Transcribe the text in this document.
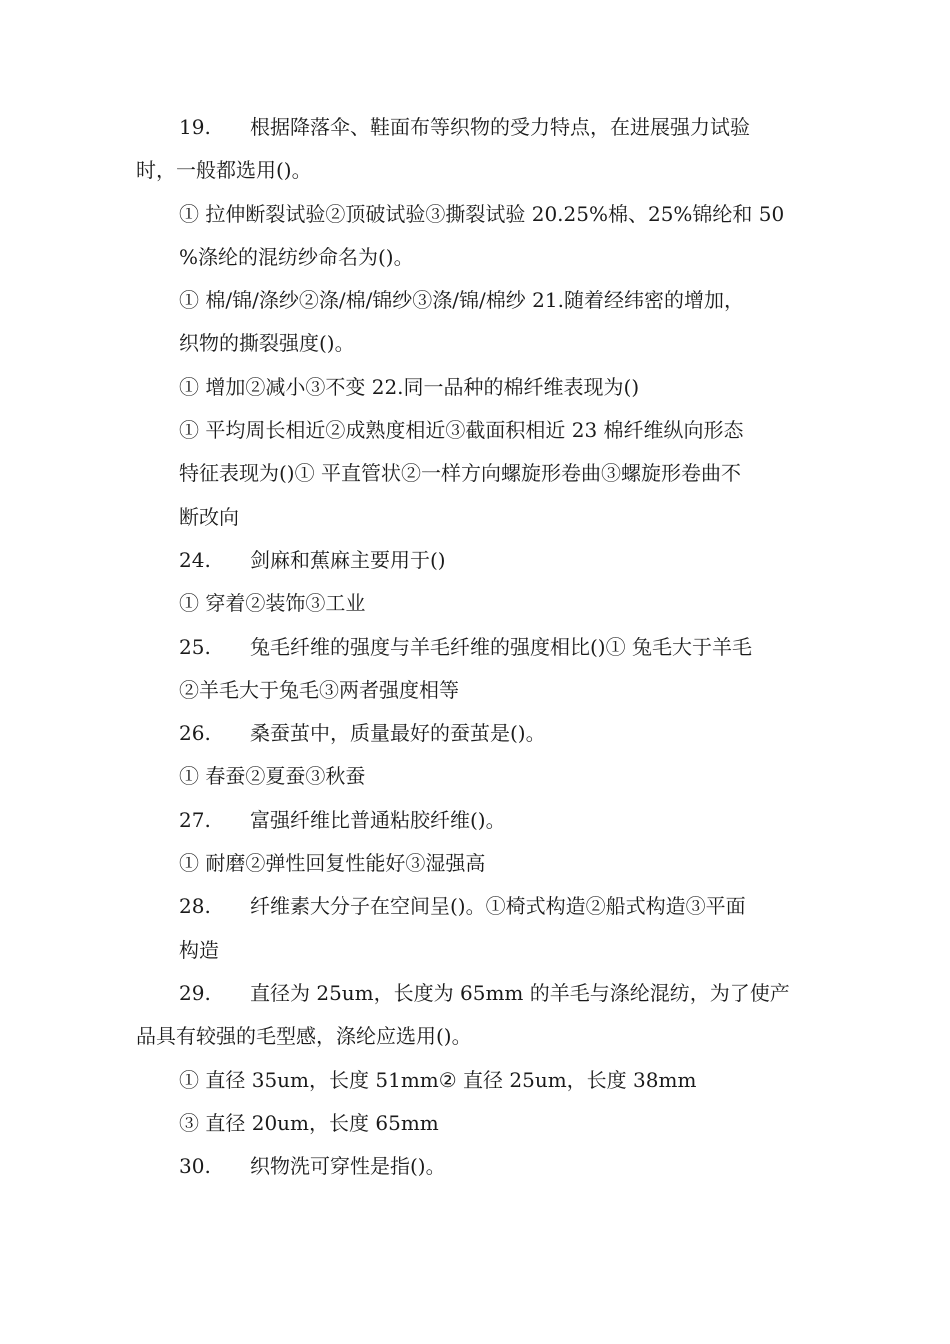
19. 根据降落伞、鞋面布等织物的受力特点，在进展强力试验
时，一般都选用()。
① 拉伸断裂试验②顶破试验③撕裂试验 20.25%棉、25%锦纶和 50
%涤纶的混纺纱命名为()。
① 棉/锦/涤纱②涤/棉/锦纱③涤/锦/棉纱 21.随着经纬密的增加，
织物的撕裂强度()。
① 增加②减小③不变 22.同一品种的棉纤维表现为()
① 平均周长相近②成熟度相近③截面积相近 23 棉纤维纵向形态
特征表现为()① 平直管状②一样方向螺旋形卷曲③螺旋形卷曲不
断改向
24. 剑麻和蕉麻主要用于()
① 穿着②装饰③工业
25. 兔毛纤维的强度与羊毛纤维的强度相比()① 兔毛大于羊毛
②羊毛大于兔毛③两者强度相等
26. 桑蚕茧中，质量最好的蚕茧是()。
① 春蚕②夏蚕③秋蚕
27. 富强纤维比普通粘胶纤维()。
① 耐磨②弹性回复性能好③湿强高
28. 纤维素大分子在空间呈()。①椅式构造②船式构造③平面
构造
29. 直径为 25um，长度为 65mm 的羊毛与涤纶混纺，为了使产
品具有较强的毛型感，涤纶应选用()。
① 直径 35um，长度 51mm② 直径 25um，长度 38mm
③ 直径 20um，长度 65mm
30. 织物洗可穿性是指()。
